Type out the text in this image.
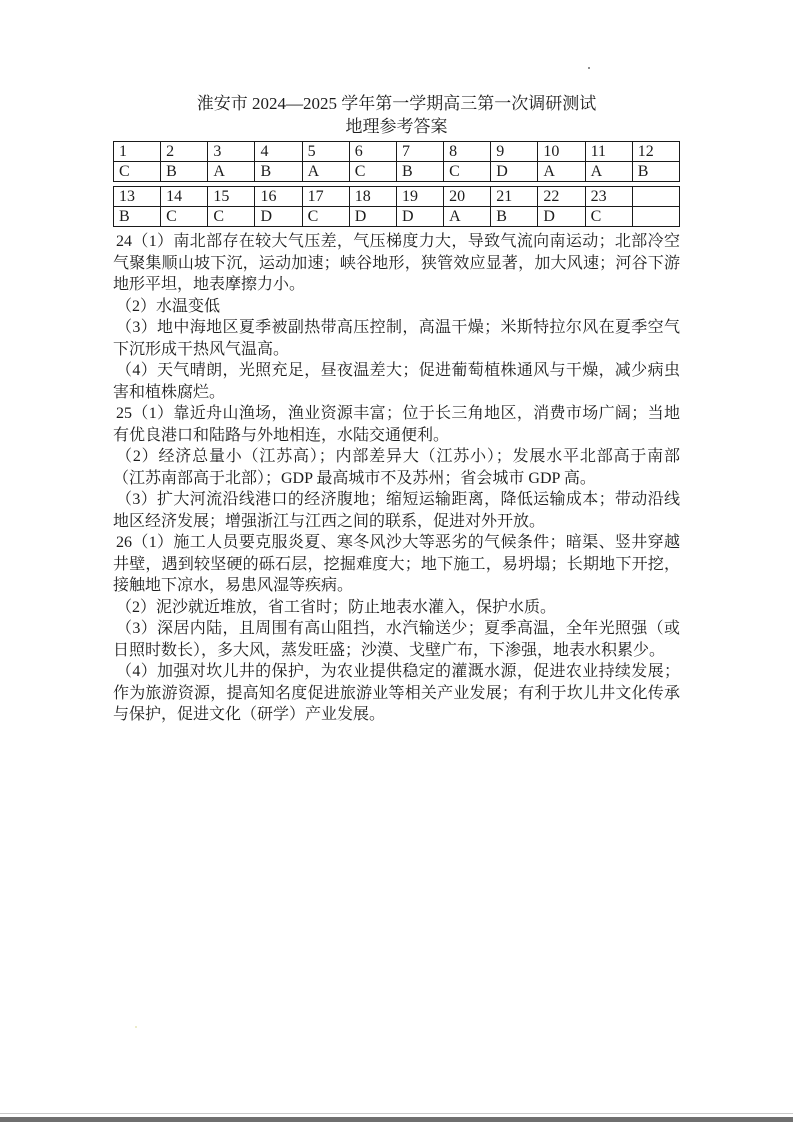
淮安市 2024—2025 学年第一学期高三第一次调研测试
地理参考答案
1	2	3	4	5	6	7	8	9	10	11	12
C	B	A	B	A	C	B	C	D	A	A	B
13	14	15	16	17	18	19	20	21	22	23	
B	C	C	D	C	D	D	A	B	D	C	

24（1）南北部存在较大气压差，气压梯度力大，导致气流向南运动；北部冷空气聚集顺山坡下沉，运动加速；峡谷地形，狭管效应显著，加大风速；河谷下游地形平坦，地表摩擦力小。

（2）水温变低

（3）地中海地区夏季被副热带高压控制，高温干燥；米斯特拉尔风在夏季空气下沉形成干热风气温高。

（4）天气晴朗，光照充足，昼夜温差大；促进葡萄植株通风与干燥，减少病虫害和植株腐烂。

25（1）靠近舟山渔场，渔业资源丰富；位于长三角地区，消费市场广阔；当地有优良港口和陆路与外地相连，水陆交通便利。

（2）经济总量小（江苏高）；内部差异大（江苏小）；发展水平北部高于南部（江苏南部高于北部）；GDP 最高城市不及苏州；省会城市 GDP 高。

（3）扩大河流沿线港口的经济腹地；缩短运输距离，降低运输成本；带动沿线地区经济发展；增强浙江与江西之间的联系，促进对外开放。

26（1）施工人员要克服炎夏、寒冬风沙大等恶劣的气候条件；暗渠、竖井穿越井壁，遇到较坚硬的砾石层，挖掘难度大；地下施工，易坍塌；长期地下开挖，接触地下凉水，易患风湿等疾病。

（2）泥沙就近堆放，省工省时；防止地表水灌入，保护水质。

（3）深居内陆，且周围有高山阻挡，水汽输送少；夏季高温，全年光照强（或日照时数长），多大风，蒸发旺盛；沙漠、戈壁广布，下渗强，地表水积累少。

（4）加强对坎儿井的保护，为农业提供稳定的灌溉水源，促进农业持续发展；作为旅游资源，提高知名度促进旅游业等相关产业发展；有利于坎儿井文化传承与保护，促进文化（研学）产业发展。
